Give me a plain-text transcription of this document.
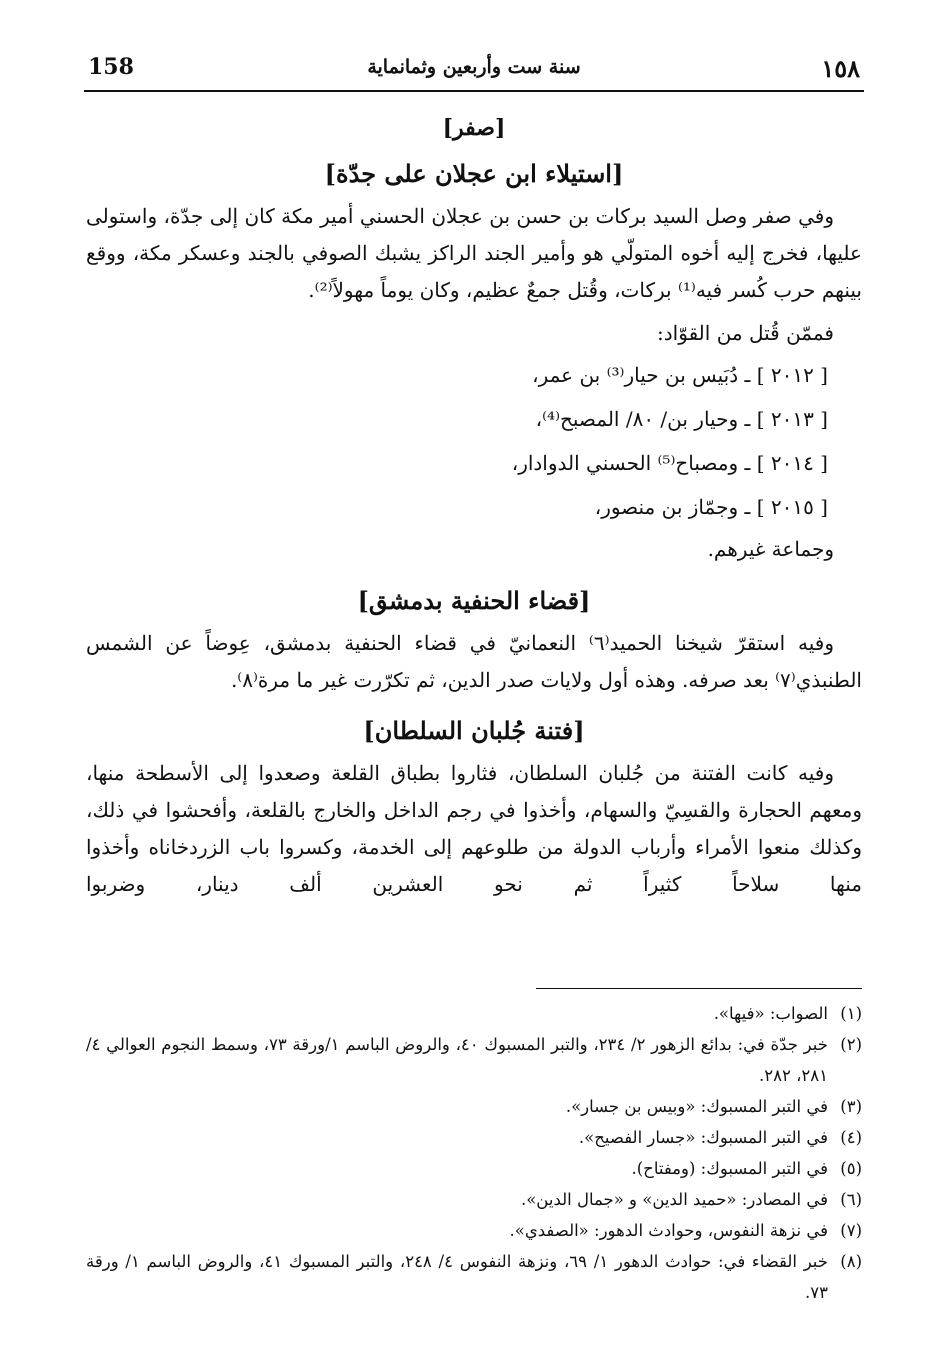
158	سنة ست وأربعين وثمانماية	١٥٨
[صفر]
[استيلاء ابن عجلان على جدّة]

وفي صفر وصل السيد بركات بن حسن بن عجلان الحسني أمير مكة كان إلى جدّة، واستولى عليها، فخرج إليه أخوه المتولّي هو وأمير الجند الراكز يشبك الصوفي بالجند وعسكر مكة، ووقع بينهم حرب كُسر فيه⁽¹⁾ بركات، وقُتل جمعٌ عظيم، وكان يوماً مهولاً⁽²⁾.

فممّن قُتل من القوّاد:
[ ٢٠١٢ ] ـ دُبَيس بن حيار⁽³⁾ بن عمر،
[ ٢٠١٣ ] ـ وحيار بن/ ٨٠/ المصبح⁽⁴⁾،
[ ٢٠١٤ ] ـ ومصباح⁽⁵⁾ الحسني الدوادار،
[ ٢٠١٥ ] ـ وجمّاز بن منصور،
وجماعة غيرهم.
[قضاء الحنفية بدمشق]

وفيه استقرّ شيخنا الحميد⁽٦⁾ النعمانيّ في قضاء الحنفية بدمشق، عِوضاً عن الشمس الطنبذي⁽٧⁾ بعد صرفه. وهذه أول ولايات صدر الدين، ثم تكرّرت غير ما مرة⁽٨⁾.

[فتنة جُلبان السلطان]

وفيه كانت الفتنة من جُلبان السلطان، فثاروا بطباق القلعة وصعدوا إلى الأسطحة منها، ومعهم الحجارة والقسِيّ والسهام، وأخذوا في رجم الداخل والخارج بالقلعة، وأفحشوا في ذلك، وكذلك منعوا الأمراء وأرباب الدولة من طلوعهم إلى الخدمة، وكسروا باب الزردخاناه وأخذوا منها سلاحاً كثيراً ثم نحو العشرين ألف دينار، وضربوا

(١)
الصواب: «فيها».
(٢)
خبر جدّة في: بدائع الزهور ٢/ ٢٣٤، والتبر المسبوك ٤٠، والروض الباسم ١/ورقة ٧٣، وسمط النجوم العوالي ٤/ ٢٨١، ٢٨٢.
(٣)
في التبر المسبوك: «وبيس بن جسار».
(٤)
في التبر المسبوك: «جسار الفصيح».
(٥)
في التبر المسبوك: (ومفتاح).
(٦)
في المصادر: «حميد الدين» و «جمال الدين».
(٧)
في نزهة النفوس، وحوادث الدهور: «الصفدي».
(٨)
خبر القضاء في: حوادث الدهور ١/ ٦٩، ونزهة النفوس ٤/ ٢٤٨، والتبر المسبوك ٤١، والروض الباسم ١/ ورقة ٧٣.
